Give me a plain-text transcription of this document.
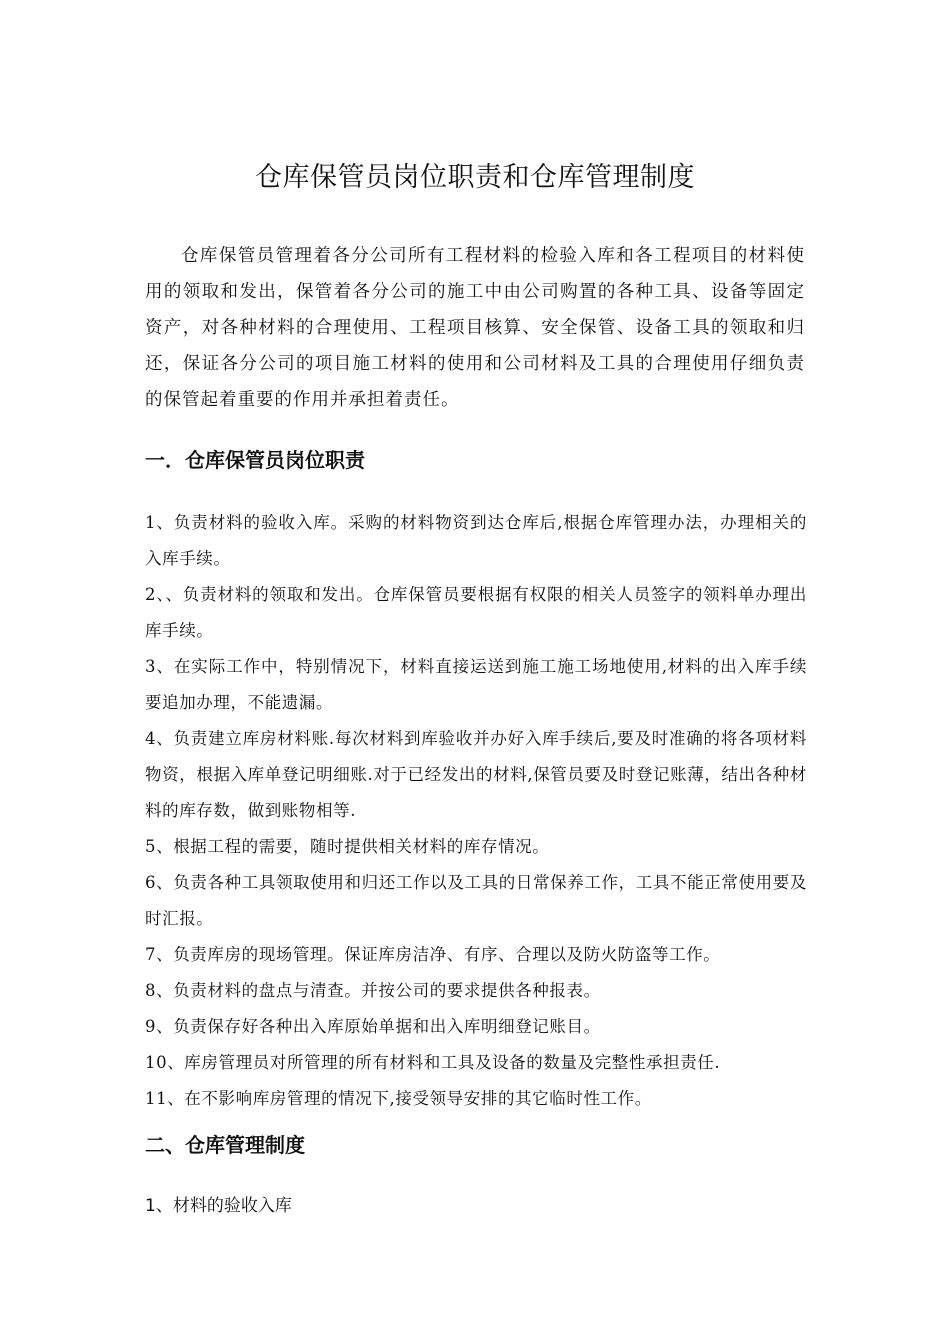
仓库保管员岗位职责和仓库管理制度

仓库保管员管理着各分公司所有工程材料的检验入库和各工程项目的材料使用的领取和发出，保管着各分公司的施工中由公司购置的各种工具、设备等固定资产，对各种材料的合理使用、工程项目核算、安全保管、设备工具的领取和归还，保证各分公司的项目施工材料的使用和公司材料及工具的合理使用仔细负责的保管起着重要的作用并承担着责任。

一．仓库保管员岗位职责
1、负责材料的验收入库。采购的材料物资到达仓库后,根据仓库管理办法，办理相关的入库手续。
2、、负责材料的领取和发出。仓库保管员要根据有权限的相关人员签字的领料单办理出库手续。
3、在实际工作中，特别情况下，材料直接运送到施工施工场地使用,材料的出入库手续要追加办理，不能遗漏。
4、负责建立库房材料账.每次材料到库验收并办好入库手续后,要及时准确的将各项材料物资，根据入库单登记明细账.对于已经发出的材料,保管员要及时登记账薄，结出各种材料的库存数，做到账物相等.
5、根据工程的需要，随时提供相关材料的库存情况。
6、负责各种工具领取使用和归还工作以及工具的日常保养工作，工具不能正常使用要及时汇报。
7、负责库房的现场管理。保证库房洁净、有序、合理以及防火防盗等工作。
8、负责材料的盘点与清查。并按公司的要求提供各种报表。
9、负责保存好各种出入库原始单据和出入库明细登记账目。
10、库房管理员对所管理的所有材料和工具及设备的数量及完整性承担责任.
11、在不影响库房管理的情况下,接受领导安排的其它临时性工作。
二、仓库管理制度

1、材料的验收入库
